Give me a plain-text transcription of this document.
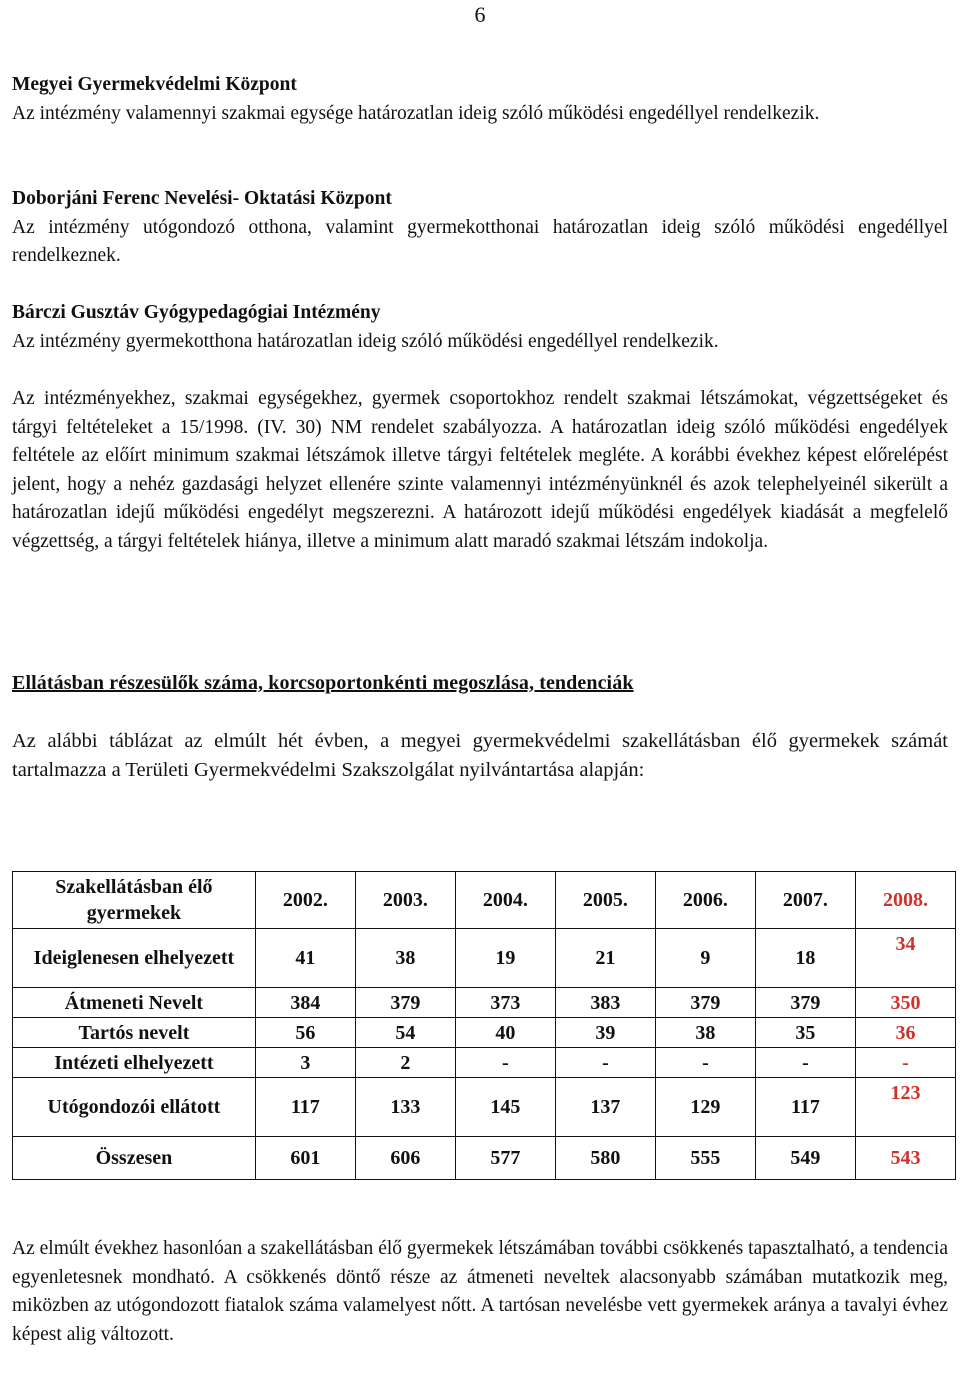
6
Megyei Gyermekvédelmi Központ
Az intézmény valamennyi szakmai egysége határozatlan ideig szóló működési engedéllyel rendelkezik.
Doborjáni Ferenc Nevelési- Oktatási Központ
Az intézmény utógondozó otthona, valamint gyermekotthonai határozatlan ideig szóló működési engedéllyel rendelkeznek.
Bárczi Gusztáv Gyógypedagógiai Intézmény
Az intézmény gyermekotthona határozatlan ideig szóló működési engedéllyel rendelkezik.
Az intézményekhez, szakmai egységekhez, gyermek csoportokhoz rendelt szakmai létszámokat, végzettségeket és tárgyi feltételeket a 15/1998. (IV. 30) NM rendelet szabályozza. A határozatlan ideig szóló működési engedélyek feltétele az előírt minimum szakmai létszámok illetve tárgyi feltételek megléte. A korábbi évekhez képest előrelépést jelent, hogy a nehéz gazdasági helyzet ellenére szinte valamennyi intézményünknél és azok telephelyeinél sikerült a határozatlan idejű működési engedélyt megszerezni. A határozott idejű működési engedélyek kiadását a megfelelő végzettség, a tárgyi feltételek hiánya, illetve a minimum alatt maradó szakmai létszám indokolja.
Ellátásban részesülők száma, korcsoportonkénti megoszlása, tendenciák
Az alábbi táblázat az elmúlt hét évben, a megyei gyermekvédelmi szakellátásban élő gyermekek számát tartalmazza a Területi Gyermekvédelmi Szakszolgálat nyilvántartása alapján:
Szakellátásban élő gyermekek	2002.	2003.	2004.	2005.	2006.	2007.	2008.
Ideiglenesen elhelyezett	41	38	19	21	9	18	34
Átmeneti Nevelt	384	379	373	383	379	379	350
Tartós nevelt	56	54	40	39	38	35	36
Intézeti elhelyezett	3	2	-	-	-	-	-
Utógondozói ellátott	117	133	145	137	129	117	123
Összesen	601	606	577	580	555	549	543
Az elmúlt évekhez hasonlóan a szakellátásban élő gyermekek létszámában további csökkenés tapasztalható, a tendencia egyenletesnek mondható. A csökkenés döntő része az átmeneti neveltek alacsonyabb számában mutatkozik meg, miközben az utógondozott fiatalok száma valamelyest nőtt. A tartósan nevelésbe vett gyermekek aránya a tavalyi évhez képest alig változott.
